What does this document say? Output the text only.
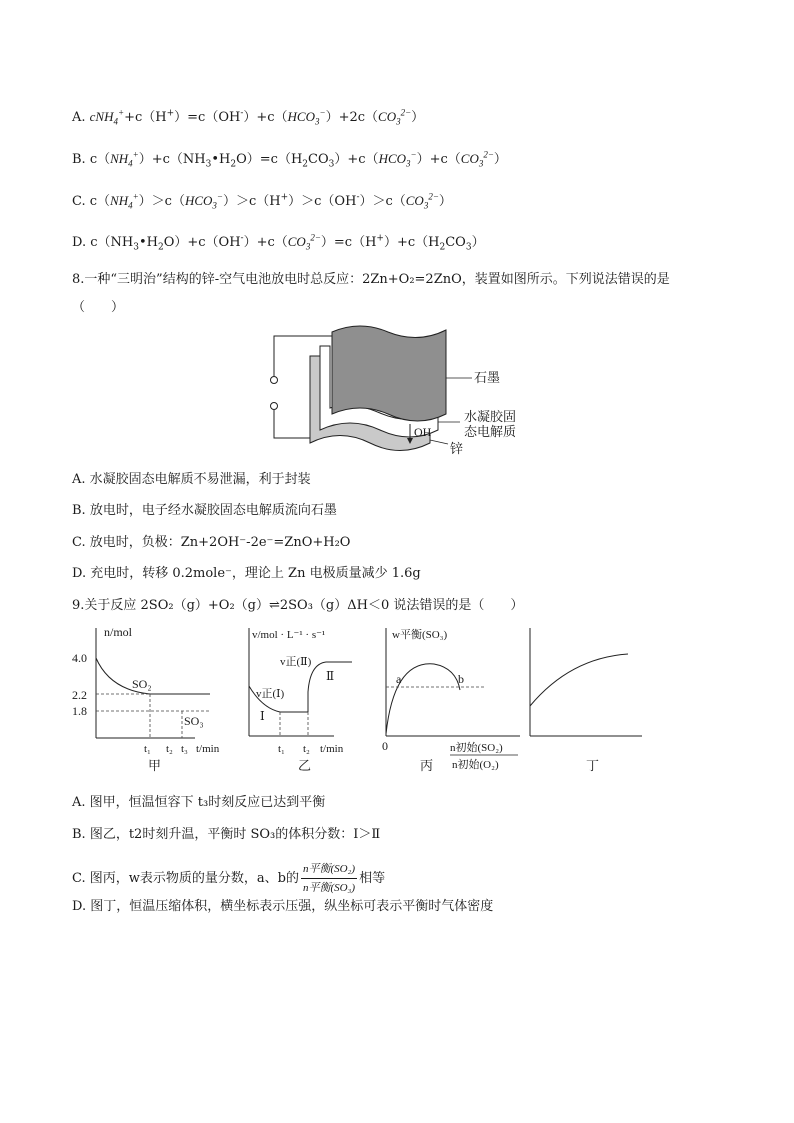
A. $cNH_4^++c(H^+)=c(OH^-)+c(HCO_3^-)+2c(CO_3^{2-})$
B. $c(NH_4^+)+c(NH_3•H_2O)=c(H_2CO_3)+c(HCO_3^-)+c(CO_3^{2-})$
C. $c(NH_4^+)>c(HCO_3^-)>c(H^+)>c(OH^-)>c(CO_3^{2-})$
D. $c(NH_3•H_2O)+c(OH^-)+c(CO_3^{2-})=c(H^+)+c(H_2CO_3)$
8.一种“三明治”结构的锌-空气电池放电时总反应：2Zn+O₂=2ZnO，装置如图所示。下列说法错误的是
（　　）
OH
石墨
水凝胶固
态电解质
锌
A. 水凝胶固态电解质不易泄漏，利于封装
B. 放电时，电子经水凝胶固态电解质流向石墨
C. 放电时，负极：Zn+2OH⁻-2e⁻=ZnO+H₂O
D. 充电时，转移 0.2mole⁻，理论上 Zn 电极质量减少 1.6g
9.关于反应 2SO₂（g）+O₂（g）⇌2SO₃（g）ΔH＜0 说法错误的是（　　）
n/mol
4.0
2.2
1.8
SO₂
SO₃
t₁ t₂ t₃ t/min
甲
v/mol · L⁻¹ · s⁻¹
v正(Ⅱ)
v正(Ⅰ)
Ⅱ
Ⅰ
t₁ t₂ t/min
乙
w平衡(SO₃)
a	b
0	n初始(SO₂)
n初始(O₂)
丙	丁
A. 图甲，恒温恒容下 t₃时刻反应已达到平衡
B. 图乙，t2时刻升温，平衡时 SO₃的体积分数：Ⅰ＞Ⅱ
C. 图丙，w表示物质的量分数，a、b的 $\frac{\text{n平衡(SO₂)}}{\text{n平衡(SO₃)}}$ 相等
D. 图丁，恒温压缩体积，横坐标表示压强，纵坐标可表示平衡时气体密度
